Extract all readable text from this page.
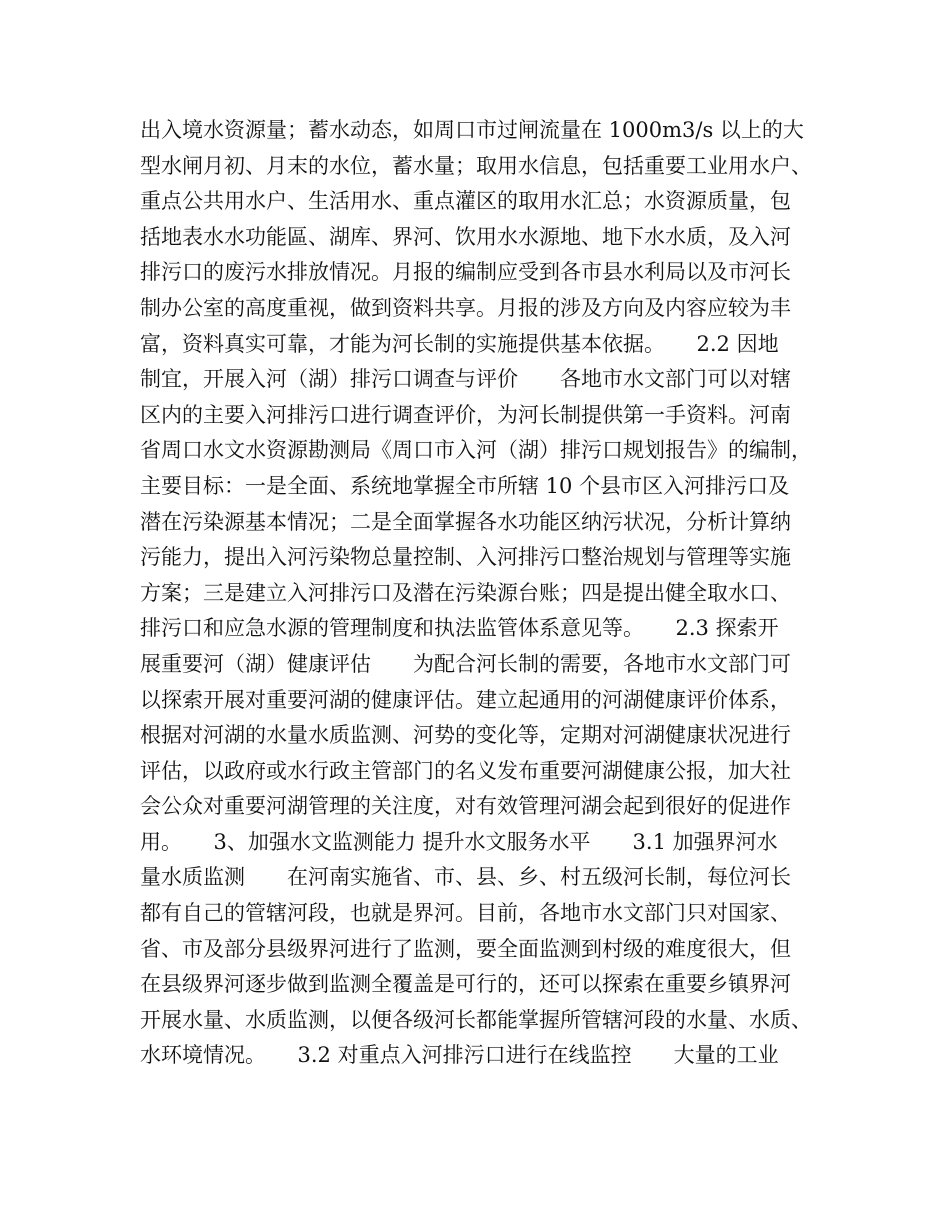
出入境水资源量；蓄水动态，如周口市过闸流量在 1000m3/s 以上的大
型水闸月初、月末的水位，蓄水量；取用水信息，包括重要工业用水户、
重点公共用水户、生活用水、重点灌区的取用水汇总；水资源质量，包
括地表水水功能區、湖库、界河、饮用水水源地、地下水水质，及入河
排污口的废污水排放情况。月报的编制应受到各市县水利局以及市河长
制办公室的高度重视，做到资料共享。月报的涉及方向及内容应较为丰
富，资料真实可靠，才能为河长制的实施提供基本依据。　　2.2 因地
制宜，开展入河（湖）排污口调查与评价　　各地市水文部门可以对辖
区内的主要入河排污口进行调查评价，为河长制提供第一手资料。河南
省周口水文水资源勘测局《周口市入河（湖）排污口规划报告》的编制，
主要目标：一是全面、系统地掌握全市所辖 10 个县市区入河排污口及
潜在污染源基本情况；二是全面掌握各水功能区纳污状况，分析计算纳
污能力，提出入河污染物总量控制、入河排污口整治规划与管理等实施
方案；三是建立入河排污口及潜在污染源台账；四是提出健全取水口、
排污口和应急水源的管理制度和执法监管体系意见等。　　2.3 探索开
展重要河（湖）健康评估　　为配合河长制的需要，各地市水文部门可
以探索开展对重要河湖的健康评估。建立起通用的河湖健康评价体系，
根据对河湖的水量水质监测、河势的变化等，定期对河湖健康状况进行
评估，以政府或水行政主管部门的名义发布重要河湖健康公报，加大社
会公众对重要河湖管理的关注度，对有效管理河湖会起到很好的促进作
用。　　3、加强水文监测能力 提升水文服务水平　　3.1 加强界河水
量水质监测　　在河南实施省、市、县、乡、村五级河长制，每位河长
都有自己的管辖河段，也就是界河。目前，各地市水文部门只对国家、
省、市及部分县级界河进行了监测，要全面监测到村级的难度很大，但
在县级界河逐步做到监测全覆盖是可行的，还可以探索在重要乡镇界河
开展水量、水质监测，以便各级河长都能掌握所管辖河段的水量、水质、
水环境情况。　　3.2 对重点入河排污口进行在线监控　　大量的工业
